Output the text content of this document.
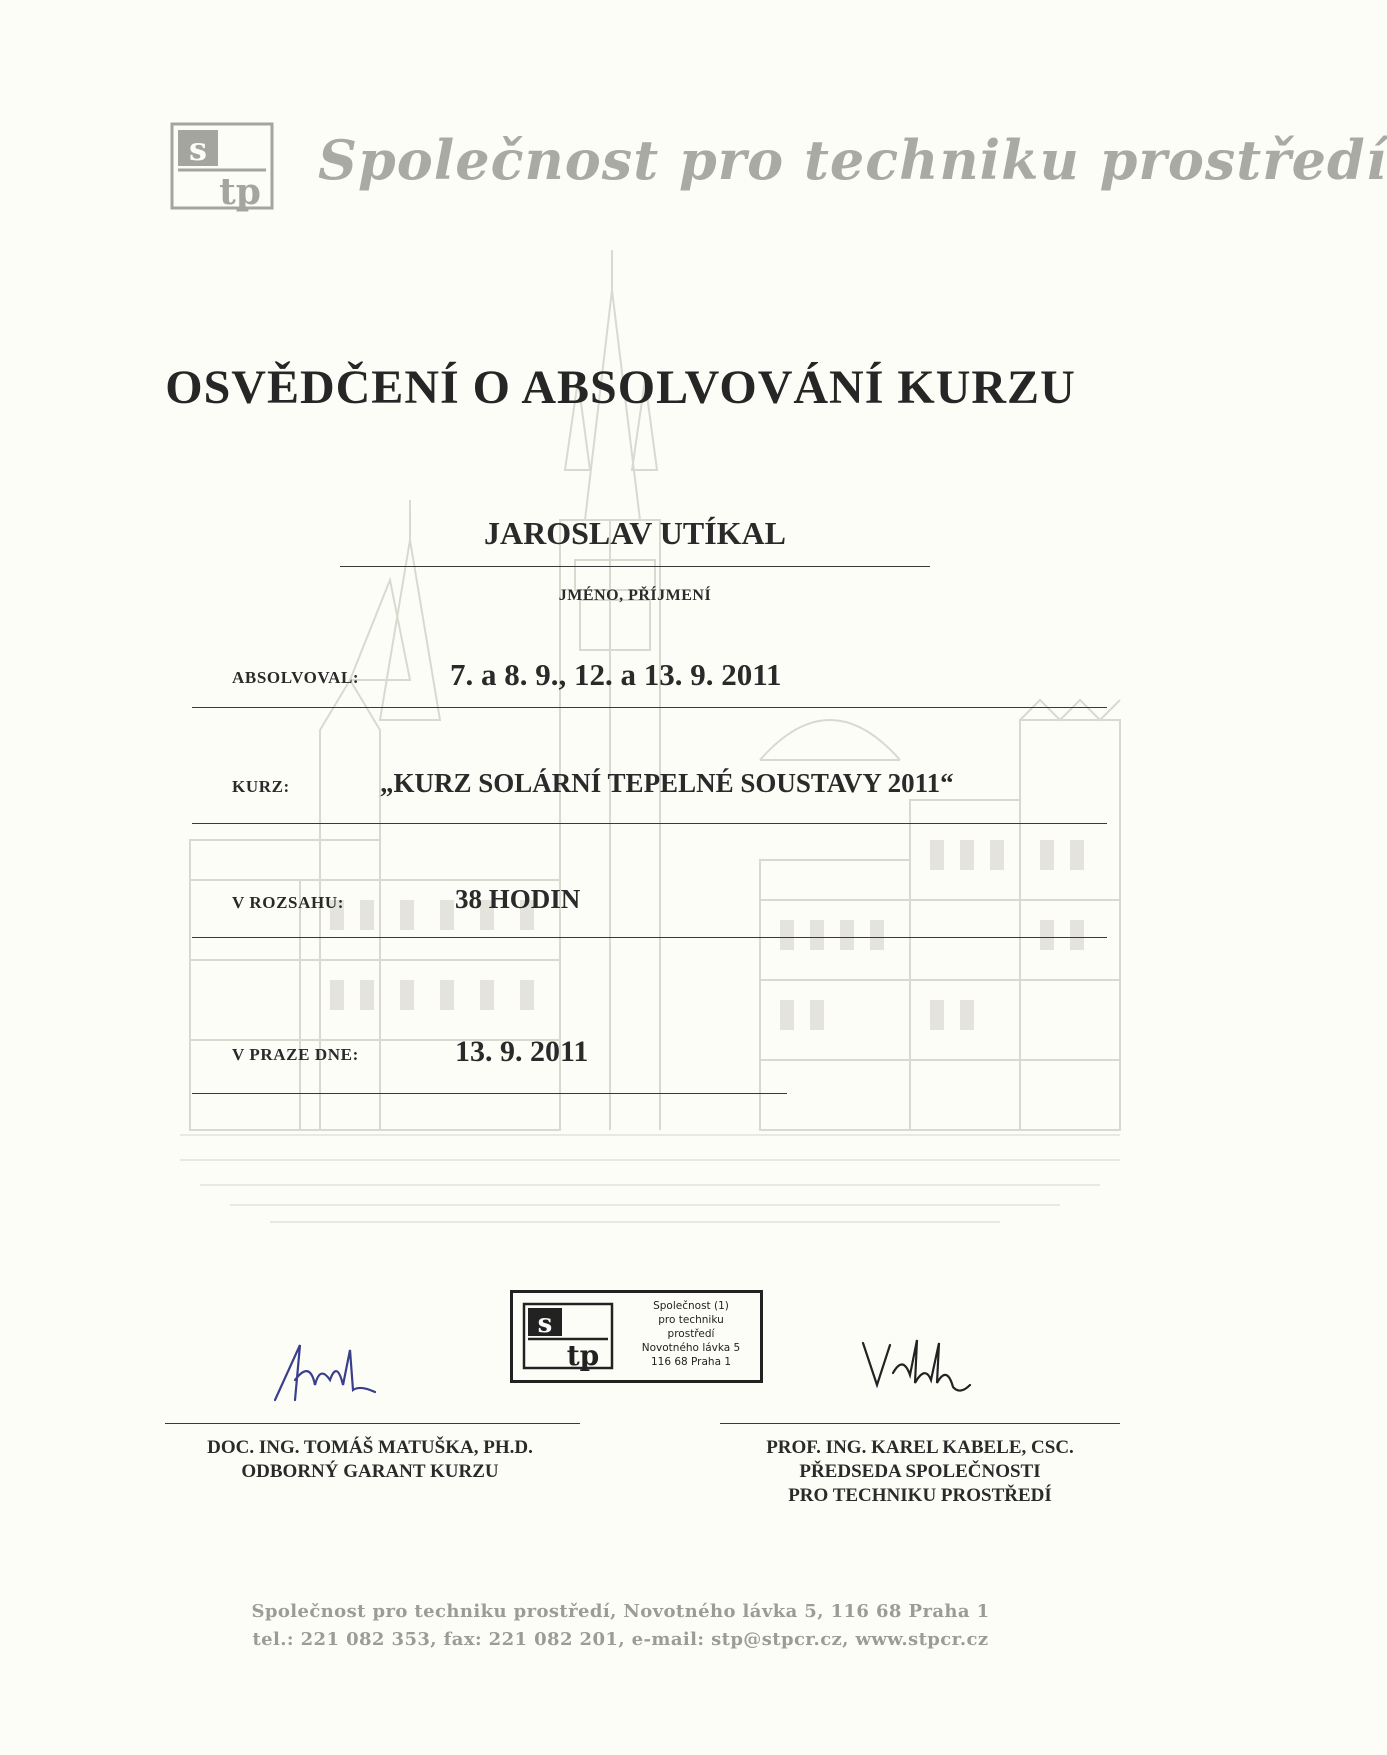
s
tp Společnost pro techniku prostředí
OSVĚDČENÍ O ABSOLVOVÁNÍ KURZU
JAROSLAV UTÍKAL
JMÉNO, PŘÍJMENÍ
ABSOLVOVAL:	7. a 8. 9., 12. a 13. 9. 2011
KURZ:	„KURZ SOLÁRNÍ TEPELNÉ SOUSTAVY 2011“
V ROZSAHU:	38 HODIN
V PRAZE DNE:	13. 9. 2011
s
tp
Společnost (1)
pro techniku
prostředí
Novotného lávka 5
116 68 Praha 1
DOC. ING. TOMÁŠ MATUŠKA, PH.D.
ODBORNÝ GARANT KURZU
PROF. ING. KAREL KABELE, CSC.
PŘEDSEDA SPOLEČNOSTI
PRO TECHNIKU PROSTŘEDÍ
Společnost pro techniku prostředí, Novotného lávka 5, 116 68 Praha 1
tel.: 221 082 353, fax: 221 082 201, e-mail: stp@stpcr.cz, www.stpcr.cz
